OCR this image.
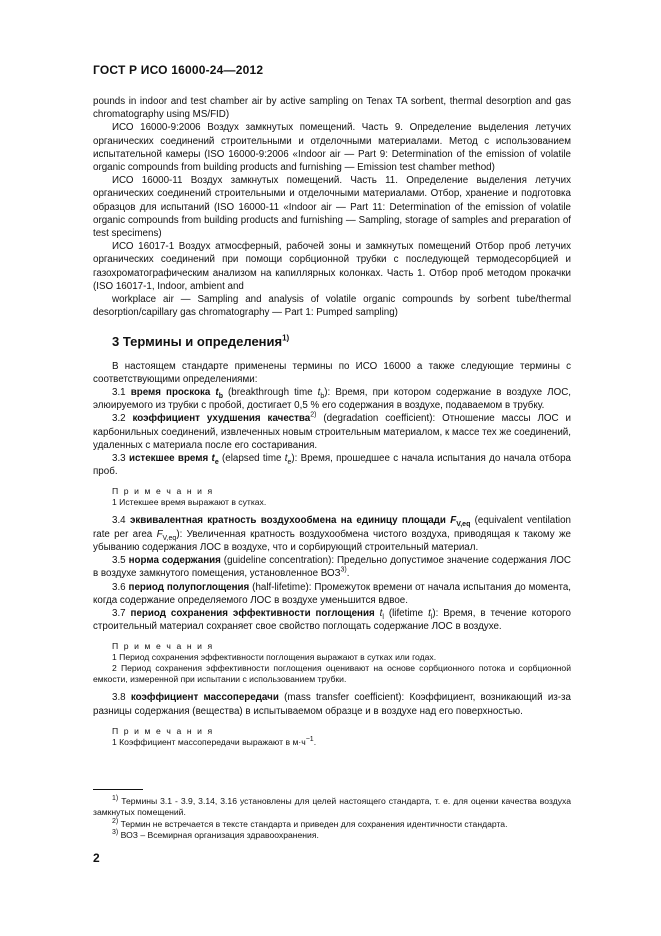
ГОСТ Р ИСО 16000-24—2012

pounds in indoor and test chamber air by active sampling on Tenax TA sorbent, thermal desorption and gas chromatography using MS/FID)

ИСО 16000-9:2006 Воздух замкнутых помещений. Часть 9. Определение выделения летучих органических соединений строительными и отделочными материалами. Метод с использованием испытательной камеры (ISO 16000-9:2006 «Indoor air — Part 9: Determination of the emission of volatile organic compounds from building products and furnishing — Emission test chamber method)

ИСО 16000-11 Воздух замкнутых помещений. Часть 11. Определение выделения летучих органических соединений строительными и отделочными материалами. Отбор, хранение и подготовка образцов для испытаний (ISO 16000-11 «Indoor air — Part 11: Determination of the emission of volatile organic compounds from building products and furnishing — Sampling, storage of samples and preparation of test specimens)

ИСО 16017-1 Воздух атмосферный, рабочей зоны и замкнутых помещений Отбор проб летучих органических соединений при помощи сорбционной трубки с последующей термодесорбцией и газохроматографическим анализом на капиллярных колонках. Часть 1. Отбор проб методом прокачки (ISO 16017-1, Indoor, ambient and

workplace air — Sampling and analysis of volatile organic compounds by sorbent tube/thermal desorption/capillary gas chromatography — Part 1: Pumped sampling)

3 Термины и определения$^{1)}$

В настоящем стандарте применены термины по ИСО 16000 а также следующие термины с соответствующими определениями:

3.1 время проскока $t_b$ (breakthrough time $t_b$): Время, при котором содержание в воздухе ЛОС, элюируемого из трубки с пробой, достигает 0,5 % его содержания в воздухе, подаваемом в трубку.

3.2 коэффициент ухудшения качества$^{2)}$ (degradation coefficient): Отношение массы ЛОС и карбонильных соединений, извлеченных новым строительным материалом, к массе тех же соединений, удаленных с материала после его состаривания.

3.3 истекшее время $t_e$ (elapsed time $t_e$): Время, прошедшее с начала испытания до начала отбора проб.

П р и м е ч а н и я

1 Истекшее время выражают в сутках.

3.4 эквивалентная кратность воздухообмена на единицу площади $F_{V,eq}$ (equivalent ventilation rate per area $F_{V,eq}$): Увеличенная кратность воздухообмена чистого воздуха, приводящая к такому же убыванию содержания ЛОС в воздухе, что и сорбирующий строительный материал.

3.5 норма содержания (guideline concentration): Предельно допустимое значение содержания ЛОС в воздухе замкнутого помещения, установленное ВОЗ$^{3)}$.

3.6 период полупоглощения (half-lifetime): Промежуток времени от начала испытания до момента, когда содержание определяемого ЛОС в воздухе уменьшится вдвое.

3.7 период сохранения эффективности поглощения $t_l$ (lifetime $t_l$): Время, в течение которого строительный материал сохраняет свое свойство поглощать содержание ЛОС в воздухе.

П р и м е ч а н и я

1 Период сохранения эффективности поглощения выражают в сутках или годах.

2 Период сохранения эффективности поглощения оценивают на основе сорбционного потока и сорбционной емкости, измеренной при испытании с использованием трубки.

3.8 коэффициент массопередачи (mass transfer coefficient): Коэффициент, возникающий из-за разницы содержания (вещества) в испытываемом образце и в воздухе над его поверхностью.

П р и м е ч а н и я

1 Коэффициент массопередачи выражают в $м\cdot ч^{-1}$.

$^{1)}$ Термины 3.1 - 3.9, 3.14, 3.16 установлены для целей настоящего стандарта, т. е. для оценки качества воздуха замкнутых помещений.

$^{2)}$ Термин не встречается в тексте стандарта и приведен для сохранения идентичности стандарта.

$^{3)}$ ВОЗ – Всемирная организация здравоохранения.

2
